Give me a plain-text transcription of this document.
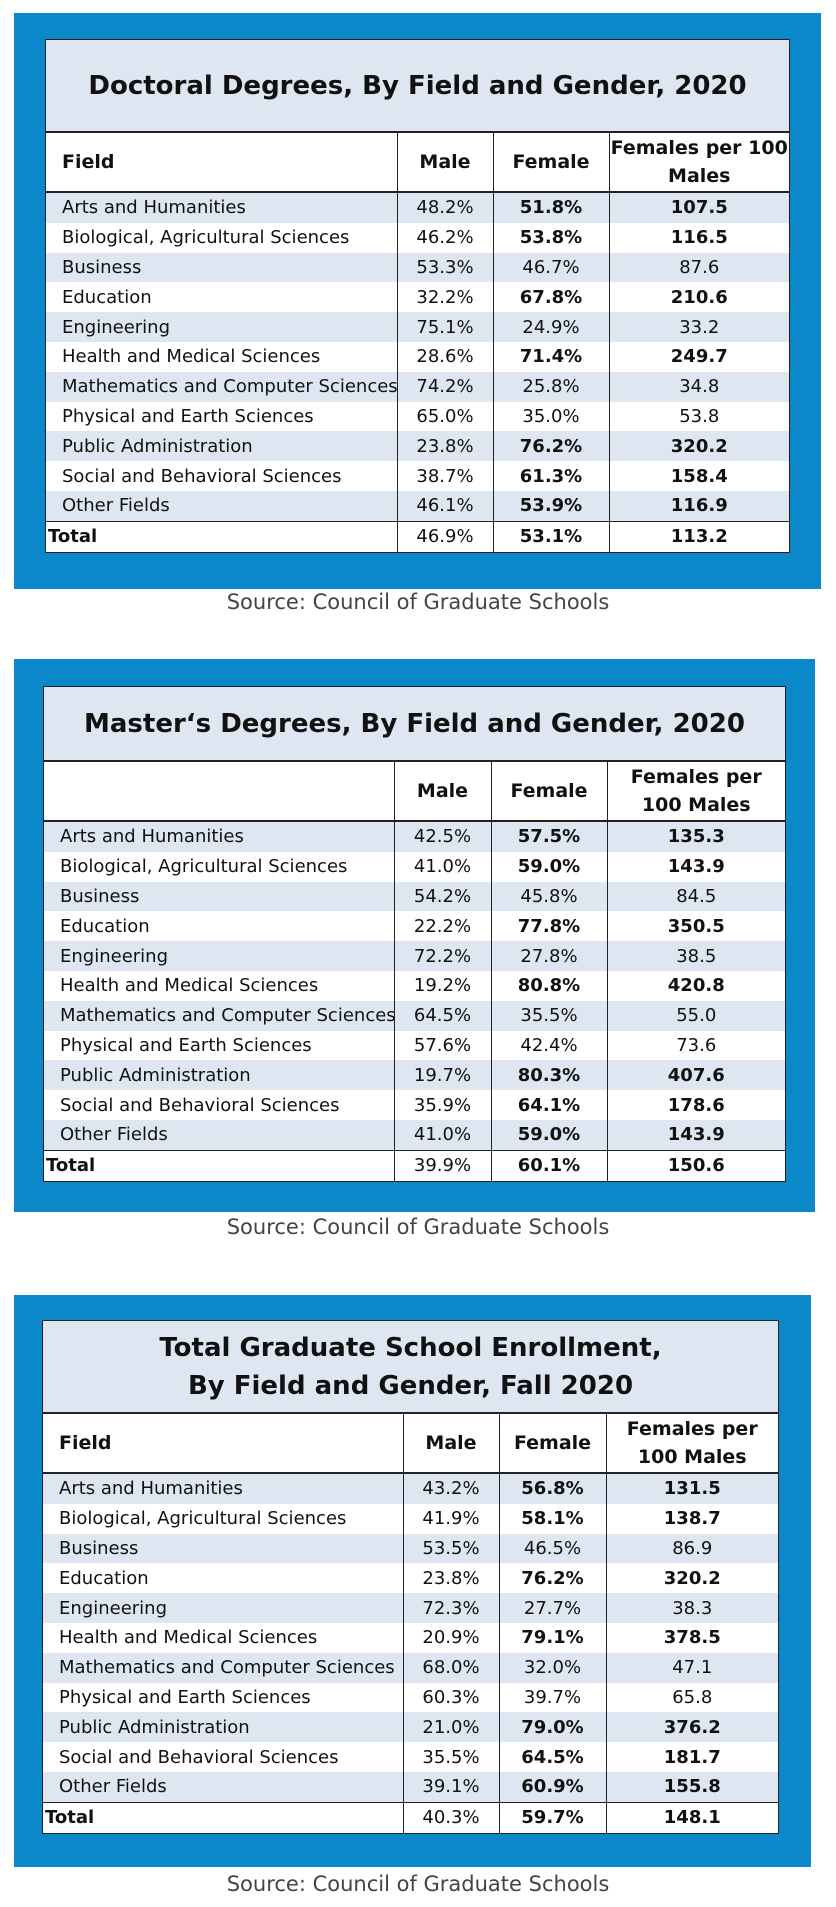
Doctoral Degrees, By Field and Gender, 2020
Field	Male	Female	Females per 100 Males
Arts and Humanities	48.2%	51.8%	107.5
Biological, Agricultural Sciences	46.2%	53.8%	116.5
Business	53.3%	46.7%	87.6
Education	32.2%	67.8%	210.6
Engineering	75.1%	24.9%	33.2
Health and Medical Sciences	28.6%	71.4%	249.7
Mathematics and Computer Sciences	74.2%	25.8%	34.8
Physical and Earth Sciences	65.0%	35.0%	53.8
Public Administration	23.8%	76.2%	320.2
Social and Behavioral Sciences	38.7%	61.3%	158.4
Other Fields	46.1%	53.9%	116.9
Total	46.9%	53.1%	113.2
Source: Council of Graduate Schools
Master‘s Degrees, By Field and Gender, 2020
	Male	Female	Females per 100 Males
Arts and Humanities	42.5%	57.5%	135.3
Biological, Agricultural Sciences	41.0%	59.0%	143.9
Business	54.2%	45.8%	84.5
Education	22.2%	77.8%	350.5
Engineering	72.2%	27.8%	38.5
Health and Medical Sciences	19.2%	80.8%	420.8
Mathematics and Computer Sciences	64.5%	35.5%	55.0
Physical and Earth Sciences	57.6%	42.4%	73.6
Public Administration	19.7%	80.3%	407.6
Social and Behavioral Sciences	35.9%	64.1%	178.6
Other Fields	41.0%	59.0%	143.9
Total	39.9%	60.1%	150.6
Source: Council of Graduate Schools
Total Graduate School Enrollment,
By Field and Gender, Fall 2020
Field	Male	Female	Females per 100 Males
Arts and Humanities	43.2%	56.8%	131.5
Biological, Agricultural Sciences	41.9%	58.1%	138.7
Business	53.5%	46.5%	86.9
Education	23.8%	76.2%	320.2
Engineering	72.3%	27.7%	38.3
Health and Medical Sciences	20.9%	79.1%	378.5
Mathematics and Computer Sciences	68.0%	32.0%	47.1
Physical and Earth Sciences	60.3%	39.7%	65.8
Public Administration	21.0%	79.0%	376.2
Social and Behavioral Sciences	35.5%	64.5%	181.7
Other Fields	39.1%	60.9%	155.8
Total	40.3%	59.7%	148.1
Source: Council of Graduate Schools
